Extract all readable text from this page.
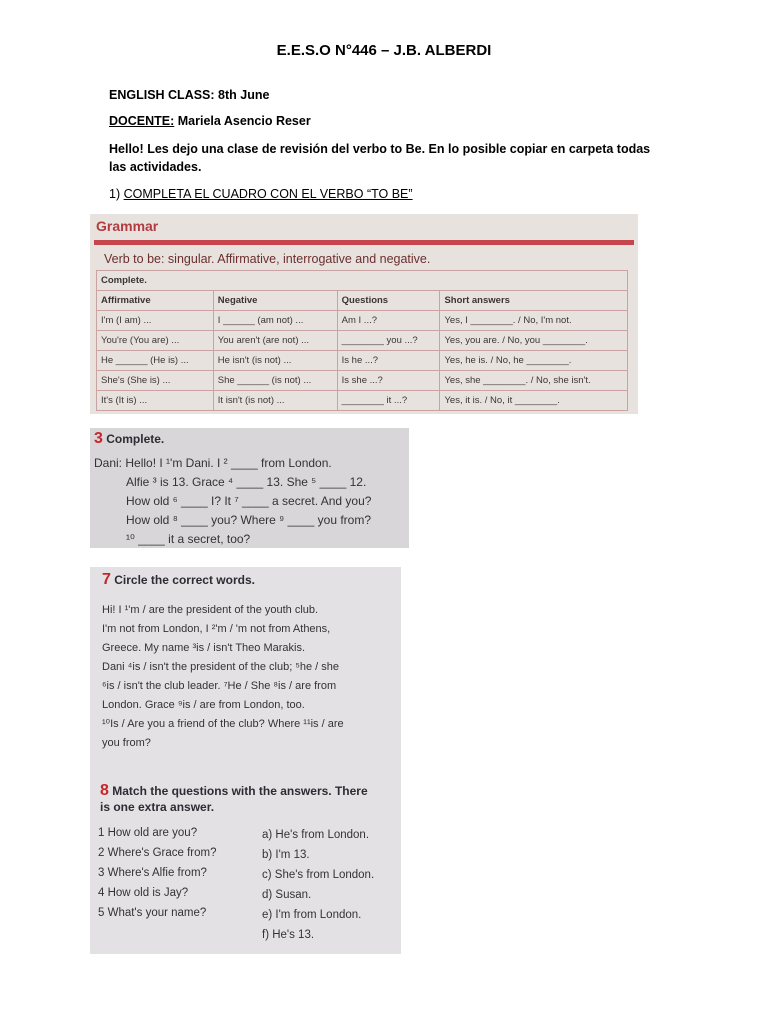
E.E.S.O N°446 – J.B. ALBERDI
ENGLISH CLASS: 8th June
DOCENTE: Mariela Asencio Reser
Hello! Les dejo una clase de revisión del verbo to Be. En lo posible copiar en carpeta todas las actividades.
1) COMPLETA EL CUADRO CON EL VERBO “TO BE”
Grammar
Verb to be: singular. Affirmative, interrogative and negative.
Complete.			
Affirmative	Negative	Questions	Short answers
I'm (I am) ...	I ______ (am not) ...	Am I ...?	Yes, I ________. / No, I'm not.
You're (You are) ...	You aren't (are not) ...	________ you ...?	Yes, you are. / No, you ________.
He ______ (He is) ...	He isn't (is not) ...	Is he ...?	Yes, he is. / No, he ________.
She's (She is) ...	She ______ (is not) ...	Is she ...?	Yes, she ________. / No, she isn't.
It's (It is) ...	It isn't (is not) ...	________ it ...?	Yes, it is. / No, it ________.
3 Complete.
Dani: Hello! I ¹'m Dani. I ² ____ from London.
Alfie ³ is 13. Grace ⁴ ____ 13. She ⁵ ____ 12.
How old ⁶ ____ I? It ⁷ ____ a secret. And you?
How old ⁸ ____ you? Where ⁹ ____ you from?
¹⁰ ____ it a secret, too?
7 Circle the correct words.
Hi! I ¹'m / are the president of the youth club.
I'm not from London, I ²'m / 'm not from Athens,
Greece. My name ³is / isn't Theo Marakis.
Dani ⁴is / isn't the president of the club; ⁵he / she
⁶is / isn't the club leader. ⁷He / She ⁸is / are from
London. Grace ⁹is / are from London, too.
¹⁰Is / Are you a friend of the club? Where ¹¹is / are
you from?
8 Match the questions with the answers. There
is one extra answer.
1 How old are you?
2 Where's Grace from?
3 Where's Alfie from?
4 How old is Jay?
5 What's your name?
a) He's from London.
b) I'm 13.
c) She's from London.
d) Susan.
e) I'm from London.
f) He's 13.
